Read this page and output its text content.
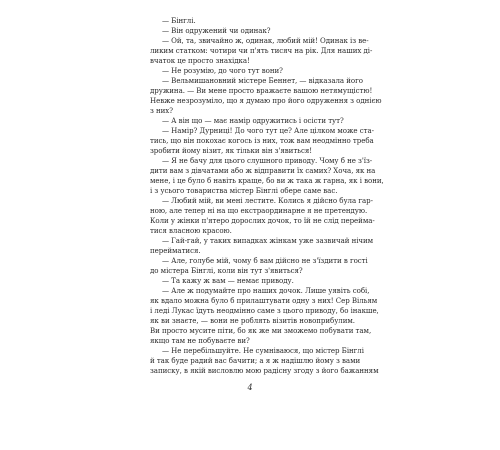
— Бінглі.
— Він одружений чи одинак?
— Ой, та, звичайно ж, одинак, любий мій! Одинак із ве-
ликим статком: чотири чи п'ять тисяч на рік. Для наших ді-
вчаток це просто знахідка!
— Не розумію, до чого тут вони?
— Вельмишановний містере Беннет, — відказала його
дружина. — Ви мене просто вражаєте вашою нетямущістю!
Невже незрозуміло, що я думаю про його одруження з однією
з них?
— А він що — має намір одружитись і осісти тут?
— Намір? Дурниці! До чого тут це? Але цілком може ста-
тись, що він покохає когось із них, тож вам неодмінно треба
зробити йому візит, як тільки він з'явиться!
— Я не бачу для цього слушного приводу. Чому б не з'їз-
дити вам з дівчатами або ж відправити їх самих? Хоча, як на
мене, і це було б навіть краще, бо ви ж така ж гарна, як і вони,
і з усього товариства містер Бінглі оберe саме вас.
— Любий мій, ви мені лестите. Колись я дійсно була гар-
ною, але тепер ні на що екстраординарне я не претендую.
Коли у жінки п'ятеро дорослих дочок, то їй не слід перейма-
тися власною красою.
— Гай-гай, у таких випадках жінкам уже зазвичай нічим
перейматися.
— Але, голубе мій, чому б вам дійсно не з'їздити в гості
до містера Бінглі, коли він тут з'явиться?
— Та кажу ж вам — немає приводу.
— Але ж подумайте про наших дочок. Лише уявіть собі,
як вдало можна було б прилаштувати одну з них! Сер Вільям
і леді Лукас їдуть неодмінно саме з цього приводу, бо інакше,
як ви знаєте, — вони не роблять візитів новоприбулим.
Ви просто мусите піти, бо як же ми зможемо побувати там,
якщо там не побуваєте ви?
— Не перебільшуйте. Не сумніваюся, що містер Бінглі
й так буде радий вас бачити; а я ж надішлю йому з вами
записку, в якій висловлю мою радісну згоду з його бажанням
4
